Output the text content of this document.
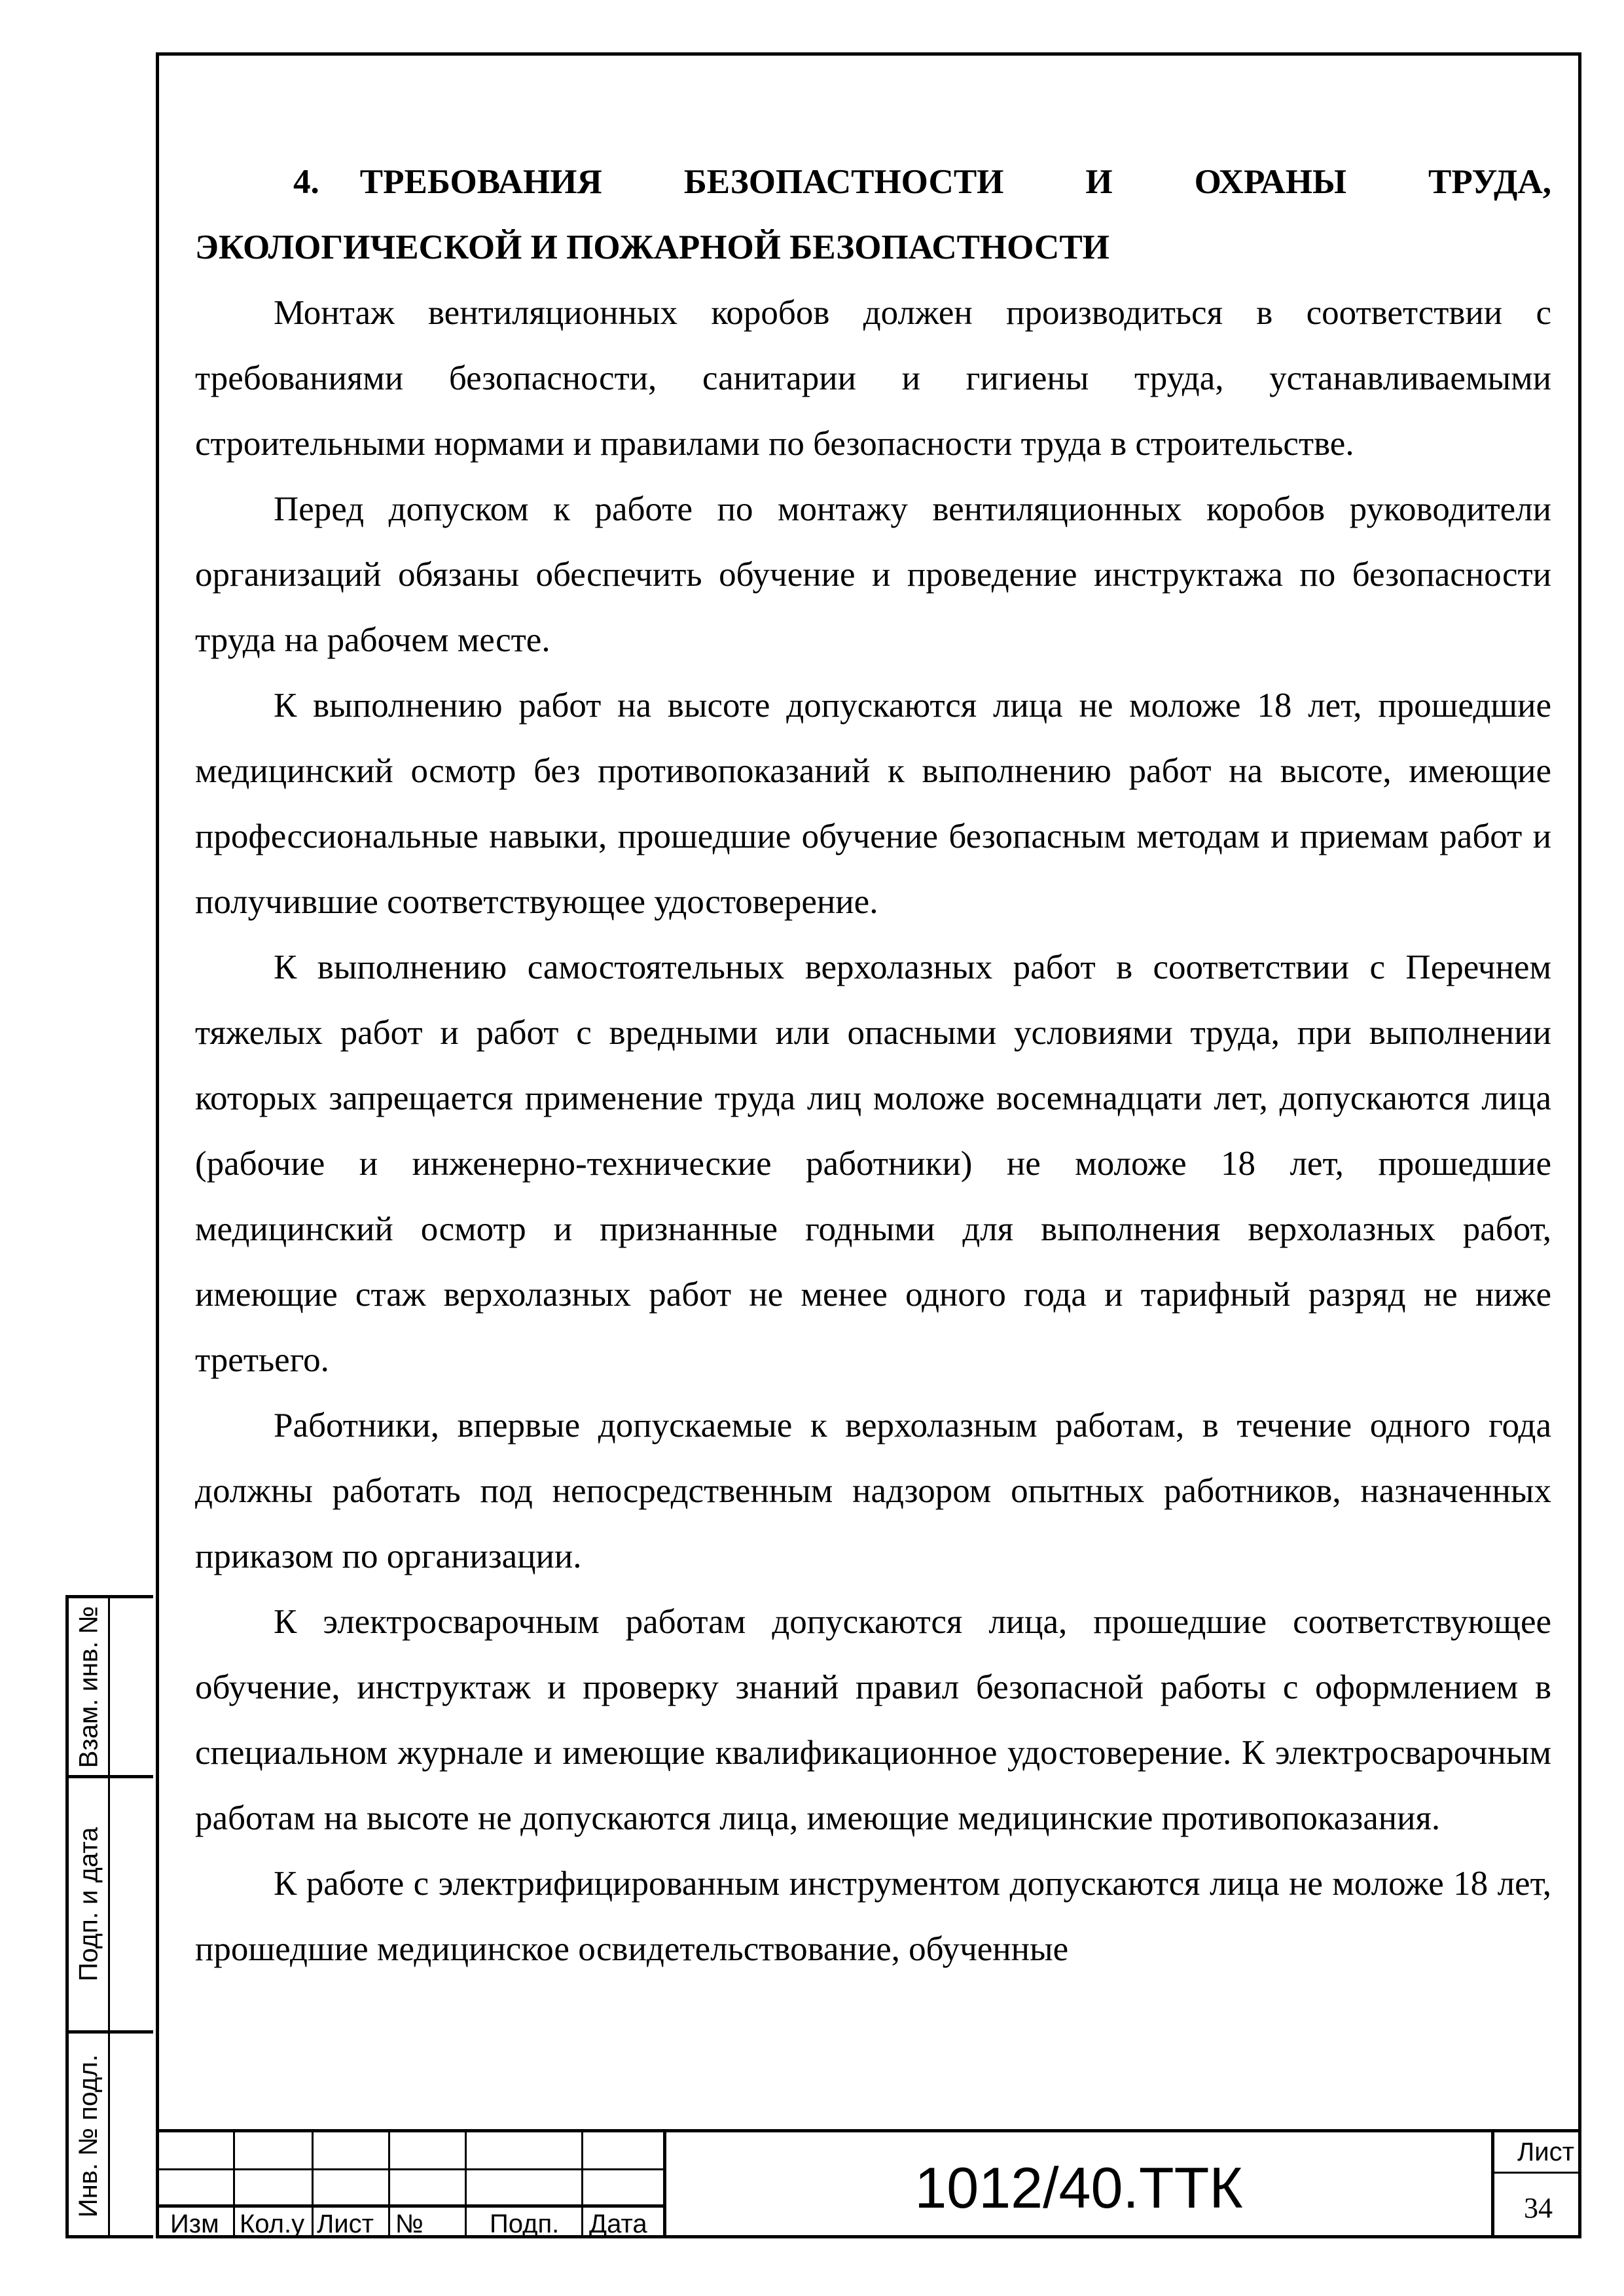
4. ТРЕБОВАНИЯ БЕЗОПАСТНОСТИ И ОХРАНЫ ТРУДА, ЭКОЛОГИЧЕСКОЙ И ПОЖАРНОЙ БЕЗОПАСТНОСТИ

Монтаж вентиляционных коробов должен производиться в соответствии с требованиями безопасности, санитарии и гигиены труда, устанавливаемыми строительными нормами и правилами по безопасности труда в строительстве.

Перед допуском к работе по монтажу вентиляционных коробов руководители организаций обязаны обеспечить обучение и проведение инструктажа по безопасности труда на рабочем месте.

К выполнению работ на высоте допускаются лица не моложе 18 лет, прошедшие медицинский осмотр без противопоказаний к выполнению работ на высоте, имеющие профессиональные навыки, прошедшие обучение безопасным методам и приемам работ и получившие соответствующее удостоверение.

К выполнению самостоятельных верхолазных работ в соответствии с Перечнем тяжелых работ и работ с вредными или опасными условиями труда, при выполнении которых запрещается применение труда лиц моложе восемнадцати лет, допускаются лица (рабочие и инженерно-технические работники) не моложе 18 лет, прошедшие медицинский осмотр и признанные годными для выполнения верхолазных работ, имеющие стаж верхолазных работ не менее одного года и тарифный разряд не ниже третьего.

Работники, впервые допускаемые к верхолазным работам, в течение одного года должны работать под непосредственным надзором опытных работников, назначенных приказом по организации.

К электросварочным работам допускаются лица, прошедшие соответствующее обучение, инструктаж и проверку знаний правил безопасной работы с оформлением в специальном журнале и имеющие квалификационное удостоверение. К электросварочным работам на высоте не допускаются лица, имеющие медицинские противопоказания.

К работе с электрифицированным инструментом допускаются лица не моложе 18 лет, прошедшие медицинское освидетельствование, обученные

Взам. инв. №
Подп. и дата
Инв. № подл.
Изм Кол.у Лист №	Подп. Дата
1012/40.ТТК
Лист
34
